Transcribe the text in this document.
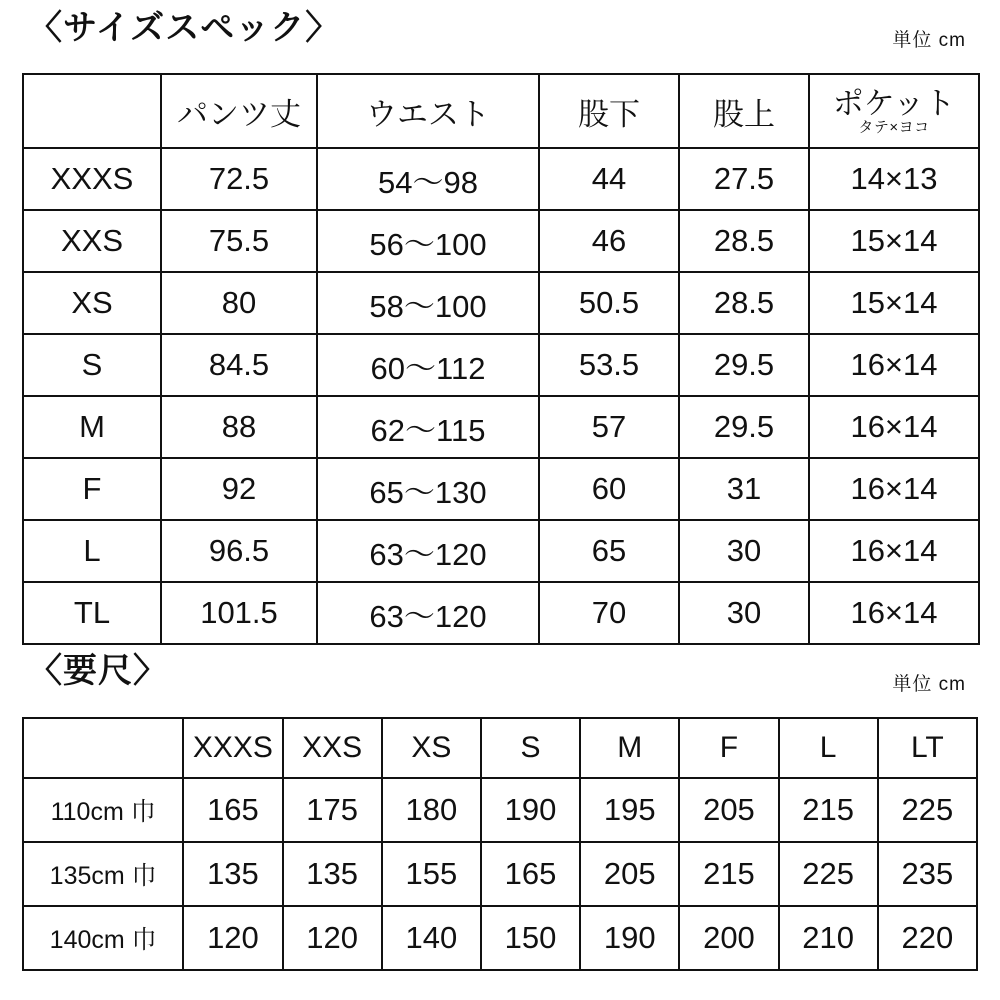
〈サイズスペック〉	単位 cm
	パンツ丈	ウエスト	股下	股上	ポケット
タテ×ヨコ

XXXS	72.5	54〜98	44	27.5	14×13
XXS	75.5	56〜100	46	28.5	15×14
XS	80	58〜100	50.5	28.5	15×14
S	84.5	60〜112	53.5	29.5	16×14
M	88	62〜115	57	29.5	16×14
F	92	65〜130	60	31	16×14
L	96.5	63〜120	65	30	16×14
TL	101.5	63〜120	70	30	16×14
〈要尺〉	単位 cm
	XXXS	XXS	XS	S	M	F	L	LT
110cm 巾	165	175	180	190	195	205	215	225
135cm 巾	135	135	155	165	205	215	225	235
140cm 巾	120	120	140	150	190	200	210	220
